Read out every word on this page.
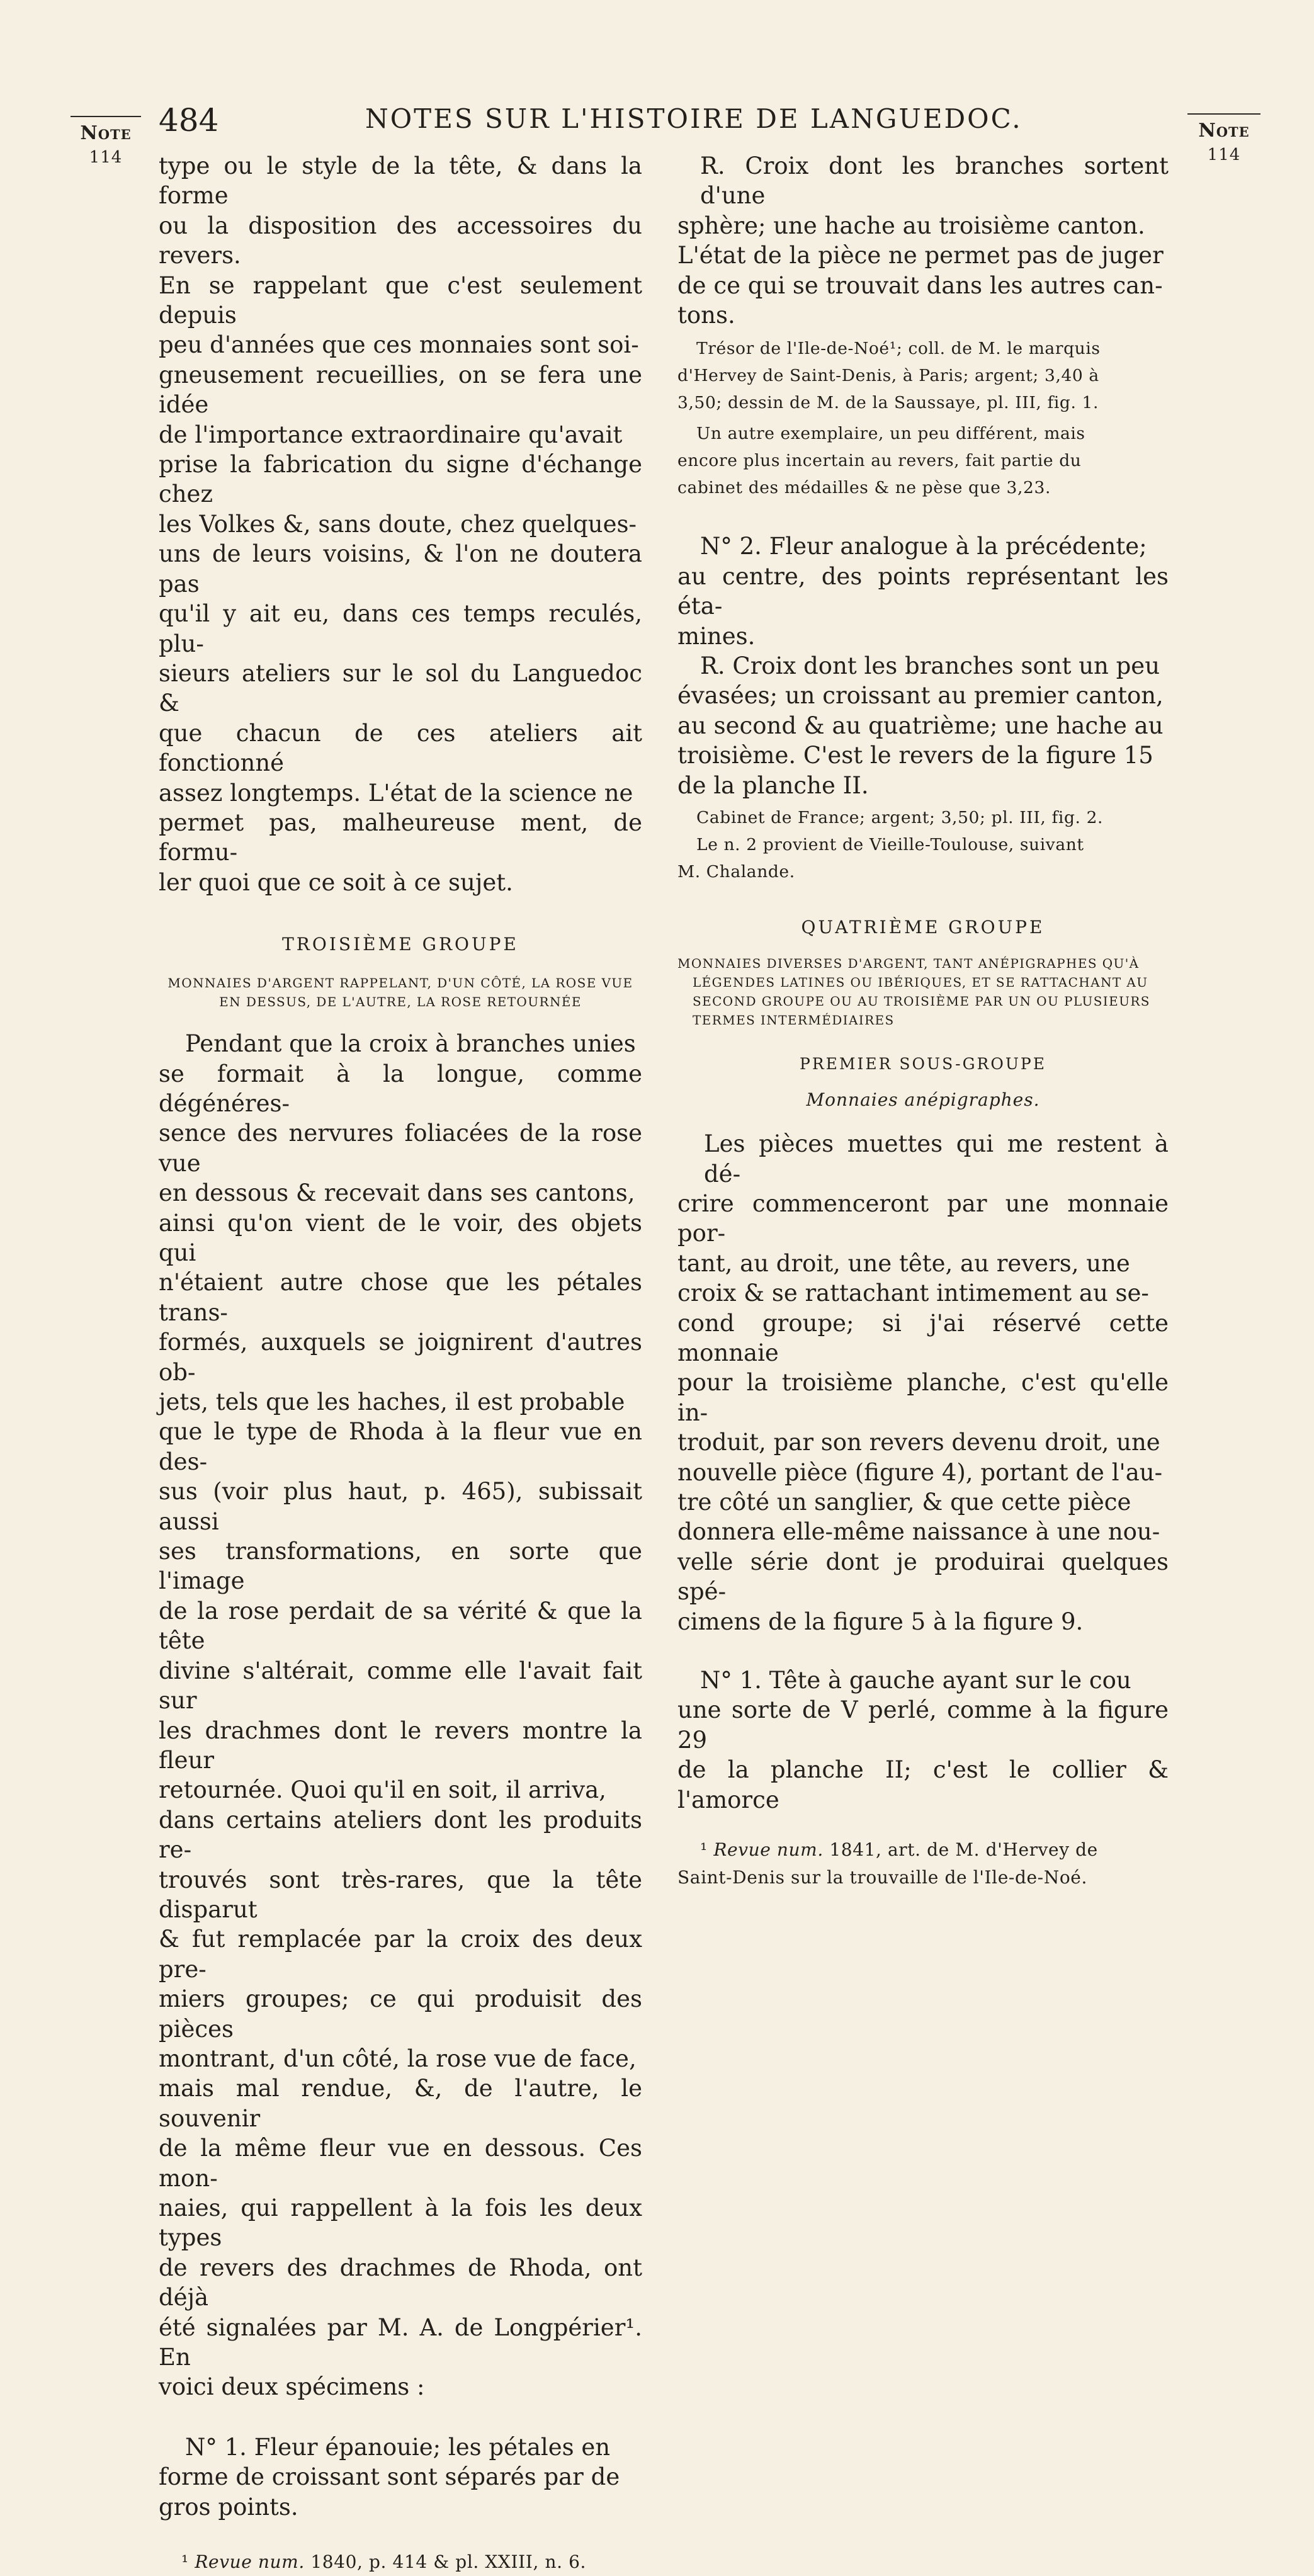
Note
114
Note
114
484	NOTES SUR L'HISTOIRE DE LANGUEDOC.
type ou le style de la tête, & dans la forme
ou la disposition des accessoires du revers.
En se rappelant que c'est seulement depuis
peu d'années que ces monnaies sont soi-
gneusement recueillies, on se fera une idée
de l'importance extraordinaire qu'avait
prise la fabrication du signe d'échange chez
les Volkes &, sans doute, chez quelques-
uns de leurs voisins, & l'on ne doutera pas
qu'il y ait eu, dans ces temps reculés, plu-
sieurs ateliers sur le sol du Languedoc &
que chacun de ces ateliers ait fonctionné
assez longtemps. L'état de la science ne
permet pas, malheureuse ment, de formu-
ler quoi que ce soit à ce sujet.

TROISIÈME GROUPE

MONNAIES D'ARGENT RAPPELANT, D'UN CÔTÉ, LA ROSE VUE

EN DESSUS, DE L'AUTRE, LA ROSE RETOURNÉE

Pendant que la croix à branches unies
se formait à la longue, comme dégénéres-
sence des nervures foliacées de la rose vue
en dessous & recevait dans ses cantons,
ainsi qu'on vient de le voir, des objets qui
n'étaient autre chose que les pétales trans-
formés, auxquels se joignirent d'autres ob-
jets, tels que les haches, il est probable
que le type de Rhoda à la fleur vue en des-
sus (voir plus haut, p. 465), subissait aussi
ses transformations, en sorte que l'image
de la rose perdait de sa vérité & que la tête
divine s'altérait, comme elle l'avait fait sur
les drachmes dont le revers montre la fleur
retournée. Quoi qu'il en soit, il arriva,
dans certains ateliers dont les produits re-
trouvés sont très-rares, que la tête disparut
& fut remplacée par la croix des deux pre-
miers groupes; ce qui produisit des pièces
montrant, d'un côté, la rose vue de face,
mais mal rendue, &, de l'autre, le souvenir
de la même fleur vue en dessous. Ces mon-
naies, qui rappellent à la fois les deux types
de revers des drachmes de Rhoda, ont déjà
été signalées par M. A. de Longpérier¹. En
voici deux spécimens :
N° 1. Fleur épanouie; les pétales en
forme de croissant sont séparés par de
gros points.

¹ Revue num. 1840, p. 414 & pl. XXIII, n. 6.

R. Croix dont les branches sortent d'une
sphère; une hache au troisième canton.
L'état de la pièce ne permet pas de juger
de ce qui se trouvait dans les autres can-
tons.
Trésor de l'Ile-de-Noé¹; coll. de M. le marquis
d'Hervey de Saint-Denis, à Paris; argent; 3,40 à
3,50; dessin de M. de la Saussaye, pl. III, fig. 1.
Un autre exemplaire, un peu différent, mais
encore plus incertain au revers, fait partie du
cabinet des médailles & ne pèse que 3,23.
N° 2. Fleur analogue à la précédente;
au centre, des points représentant les éta-
mines.
R. Croix dont les branches sont un peu
évasées; un croissant au premier canton,
au second & au quatrième; une hache au
troisième. C'est le revers de la figure 15
de la planche II.
Cabinet de France; argent; 3,50; pl. III, fig. 2.
Le n. 2 provient de Vieille-Toulouse, suivant
M. Chalande.

QUATRIÈME GROUPE

MONNAIES DIVERSES D'ARGENT, TANT ANÉPIGRAPHES QU'À

LÉGENDES LATINES OU IBÉRIQUES, ET SE RATTACHANT AU

SECOND GROUPE OU AU TROISIÈME PAR UN OU PLUSIEURS

TERMES INTERMÉDIAIRES

PREMIER SOUS-GROUPE

Monnaies anépigraphes.

Les pièces muettes qui me restent à dé-
crire commenceront par une monnaie por-
tant, au droit, une tête, au revers, une
croix & se rattachant intimement au se-
cond groupe; si j'ai réservé cette monnaie
pour la troisième planche, c'est qu'elle in-
troduit, par son revers devenu droit, une
nouvelle pièce (figure 4), portant de l'au-
tre côté un sanglier, & que cette pièce
donnera elle-même naissance à une nou-
velle série dont je produirai quelques spé-
cimens de la figure 5 à la figure 9.
N° 1. Tête à gauche ayant sur le cou
une sorte de V perlé, comme à la figure 29
de la planche II; c'est le collier & l'amorce
¹ Revue num. 1841, art. de M. d'Hervey de
Saint-Denis sur la trouvaille de l'Ile-de-Noé.
